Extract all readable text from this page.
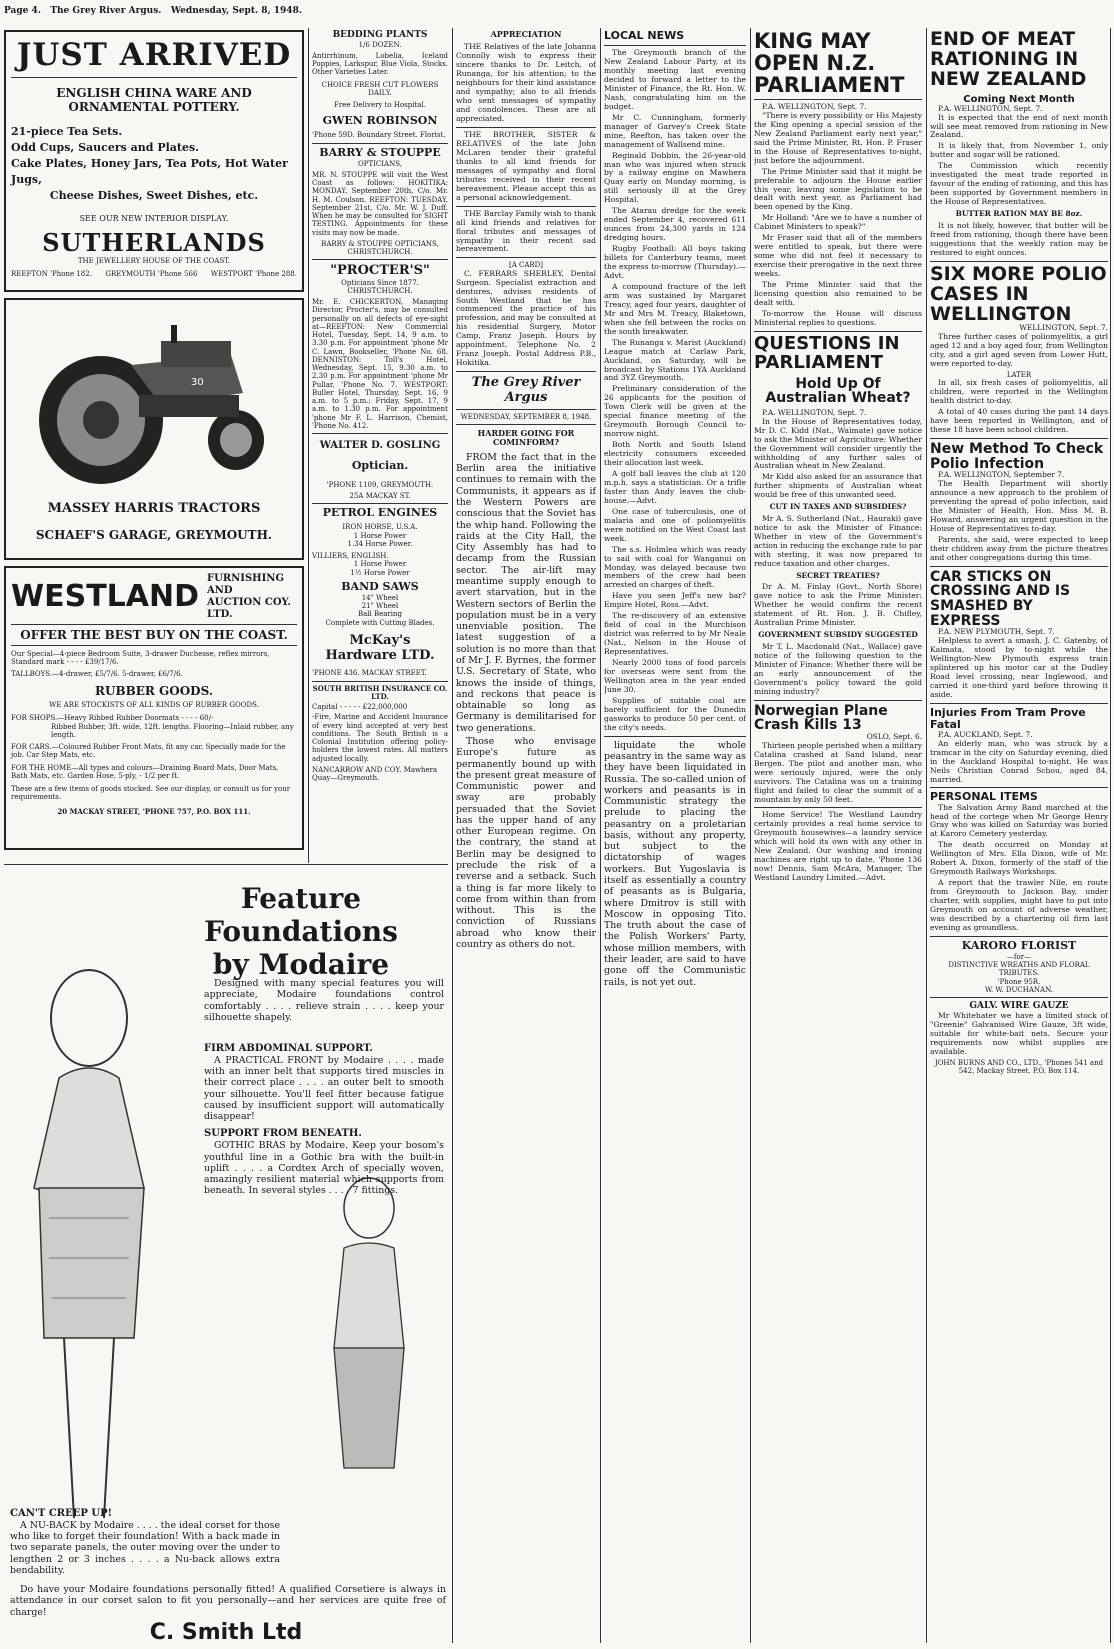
Page 4. The Grey River Argus. Wednesday, Sept. 8, 1948.
JUST ARRIVED
ENGLISH CHINA WARE AND
ORNAMENTAL POTTERY.
21-piece Tea Sets.
Odd Cups, Saucers and Plates.
Cake Plates, Honey Jars, Tea Pots, Hot Water Jugs,
Cheese Dishes, Sweet Dishes, etc.
SEE OUR NEW INTERIOR DISPLAY.
SUTHERLANDS
THE JEWELLERY HOUSE OF THE COAST.
REEFTON 'Phone 182. GREYMOUTH 'Phone 566 WESTPORT 'Phone 288.
30
MASSEY HARRIS TRACTORS
SCHAEF'S GARAGE, GREYMOUTH.
WESTLAND
FURNISHING AND
AUCTION COY. LTD.
OFFER THE BEST BUY ON THE COAST.
Our Special—4-piece Bedroom Suite, 3-drawer Duchesse, reflex mirrors, Standard mark - - - - £39/17/6.
TALLBOYS.—4-drawer, £5/7/6. 5-drawer, £6/7/6.
RUBBER GOODS.
WE ARE STOCKISTS OF ALL KINDS OF RUBBER GOODS.
FOR SHOPS.—Heavy Ribbed Rubber Doormats - - - - 60/-
Ribbed Rubber, 3ft. wide, 12ft. lengths. Flooring—Inlaid rubber, any length.
FOR CARS.—Coloured Rubber Front Mats, fit any car. Specially made for the job. Car Step Mats, etc.
FOR THE HOME—All types and colours—Draining Board Mats, Door Mats, Bath Mats, etc. Garden Hose, 5-ply, - 1/2 per ft.
These are a few items of goods stocked. See our display, or consult us for your requirements.
20 MACKAY STREET, 'PHONE 757, P.O. BOX 111.
BEDDING PLANTS
1/6 DOZEN.
Antirrhinum, Lobelia, Iceland Poppies, Larkspur, Blue Viola, Stocks. Other Varieties Later.
CHOICE FRESH CUT FLOWERS DAILY.
Free Delivery to Hospital.
GWEN ROBINSON
'Phone 59D. Boundary Street. Florist.
BARRY & STOUPPE
OPTICIANS,
MR. N. STOUPPE will visit the West Coast as follows: HOKITIKA: MONDAY, September 20th, C/o. Mr. H. M. Coulson. REEFTON: TUESDAY, September 21st, C/o. Mr. W. J. Duff. When he may be consulted for SIGHT TESTING. Appointments for these visits may now be made.
BARRY & STOUPPE OPTICIANS, CHRISTCHURCH.
"PROCTER'S"
Opticians Since 1877. CHRISTCHURCH.
Mr. E. CHICKERTON, Managing Director, Procter's, may be consulted personally on all defects of eye-sight at—REEFTON: New Commercial Hotel, Tuesday, Sept. 14, 9 a.m. to 3.30 p.m. For appointment 'phone Mr C. Lawn, Bookseller, 'Phone No. 68. DENNISTON: Toll's Hotel, Wednesday, Sept. 15, 9.30 a.m. to 2.30 p.m. For appointment 'phone Mr Pullar, 'Phone No. 7. WESTPORT: Buller Hotel, Thursday, Sept. 16, 9 a.m. to 5 p.m.; Friday, Sept. 17, 9 a.m. to 1.30 p.m. For appointment 'phone Mr F. L. Harrison, Chemist, 'Phone No. 412.
WALTER D. GOSLING
Optician.
'PHONE 1109, GREYMOUTH.
25A MACKAY ST.
PETROL ENGINES
IRON HORSE, U.S.A.
1 Horse Power
1.34 Horse Power.
VILLIERS, ENGLISH.
1 Horse Power
1½ Horse Power
BAND SAWS
14" Wheel
21" Wheel
Ball Bearing
Complete with Cutting Blades.
McKay's Hardware LTD.
'PHONE 436. MACKAY STREET.
SOUTH BRITISH INSURANCE CO. LTD.
Capital - - - - - £22,000,000
-Fire, Marine and Accident Insurance of every kind accepted at very best conditions. The South British is a Colonial Institution offering policy-holders the lowest rates. All matters adjusted locally.
NANCARROW AND COY. Mawhera Quay—Greymouth.
Feature Foundations
by Modaire
Designed with many special features you will appreciate, Modaire foundations control comfortably . . . . relieve strain . . . . keep your silhouette shapely.
FIRM ABDOMINAL SUPPORT.
A PRACTICAL FRONT by Modaire . . . . made with an inner belt that supports tired muscles in their correct place . . . . an outer belt to smooth your silhouette. You'll feel fitter because fatigue caused by insufficient support will automatically disappear!
SUPPORT FROM BENEATH.
GOTHIC BRAS by Modaire. Keep your bosom's youthful line in a Gothic bra with the built-in uplift . . . . a Cordtex Arch of specially woven, amazingly resilient material which supports from beneath. In several styles . . . . 7 fittings.
CAN'T CREEP UP!
A NU-BACK by Modaire . . . . the ideal corset for those who like to forget their foundation! With a back made in two separate panels, the outer moving over the under to lengthen 2 or 3 inches . . . . a Nu-back allows extra bendability.
Do have your Modaire foundations personally fitted! A qualified Corsetiere is always in attendance in our corset salon to fit you personally—and her services are quite free of charge!
C. Smith Ltd
APPRECIATION
THE Relatives of the late Johanna Connolly wish to express their sincere thanks to Dr. Leitch, of Runanga, for his attention; to the neighbours for their kind assistance and sympathy; also to all friends who sent messages of sympathy and condolences. These are all appreciated.
THE BROTHER, SISTER & RELATIVES of the late John McLaren tender their grateful thanks to all kind friends for messages of sympathy and floral tributes received in their recent bereavement. Please accept this as a personal acknowledgement.
THE Barclay Family wish to thank all kind friends and relatives for floral tributes and messages of sympathy in their recent sad bereavement.
[A CARD]
C. FERRARS SHERLEY, Dental Surgeon. Specialist extraction and dentures, advises residents of South Westland that he has commenced the practice of his profession, and may be consulted at his residential Surgery, Motor Camp, Franz Joseph. Hours by appointment. Telephone No. 2 Franz Joseph. Postal Address P.B., Hokitika.
The Grey River Argus
WEDNESDAY, SEPTEMBER 8, 1948.
HARDER GOING FOR COMINFORM?
FROM the fact that in the Berlin area the initiative continues to remain with the Communists, it appears as if the Western Powers are conscious that the Soviet has the whip hand. Following the raids at the City Hall, the City Assembly has had to decamp from the Russian sector. The air-lift may meantime supply enough to avert starvation, but in the Western sectors of Berlin the population must be in a very unenviable position. The latest suggestion of a solution is no more than that of Mr J. F. Byrnes, the former U.S. Secretary of State, who knows the inside of things, and reckons that peace is obtainable so long as Germany is demilitarised for two generations.
Those who envisage Europe's future as permanently bound up with the present great measure of Communistic power and sway are probably persuaded that the Soviet has the upper hand of any other European regime. On the contrary, the stand at Berlin may be designed to preclude the risk of a reverse and a setback. Such a thing is far more likely to come from within than from without. This is the conviction of Russians abroad who know their country as others do not.
LOCAL NEWS
The Greymouth branch of the New Zealand Labour Party, at its monthly meeting last evening decided to forward a letter to the Minister of Finance, the Rt. Hon. W. Nash, congratulating him on the budget.
Mr C. Cunningham, formerly manager of Garvey's Creek State mine, Reefton, has taken over the management of Wallsend mine.
Reginald Dobbin, the 26-year-old man who was injured when struck by a railway engine on Mawhera Quay early on Monday morning, is still seriously ill at the Grey Hospital.
The Atarau dredge for the week ended September 4, recovered 611 ounces from 24,300 yards in 124 dredging hours.
Rugby Football: All boys taking billets for Canterbury teams, meet the express to-morrow (Thursday).—Advt.
A compound fracture of the left arm was sustained by Margaret Treacy, aged four years, daughter of Mr and Mrs M. Treacy, Blaketown, when she fell between the rocks on the south breakwater.
The Runanga v. Marist (Auckland) League match at Carlaw Park, Auckland, on Saturday, will be broadcast by Stations 1YA Auckland and 3YZ Greymouth.
Preliminary consideration of the 26 applicants for the position of Town Clerk will be given at the special finance meeting of the Greymouth Borough Council to-morrow night.
Both North and South Island electricity consumers exceeded their allocation last week.
A golf ball leaves the club at 120 m.p.h. says a statistician. Or a trifle faster than Andy leaves the club-house.—Advt.
One case of tuberculosis, one of malaria and one of poliomyelitis were notified on the West Coast last week.
The s.s. Holmlea which was ready to sail with coal for Wanganui on Monday, was delayed because two members of the crew had been arrested on charges of theft.
Have you seen Jeff's new bar? Empire Hotel, Ross.—Advt.
The re-discovery of an extensive field of coal in the Murchison district was referred to by Mr Neale (Nat., Nelson in the House of Representatives.
Nearly 2000 tons of food parcels for overseas were sent from the Wellington area in the year ended June 30.
Supplies of suitable coal are barely sufficient for the Dunedin gasworks to produce 50 per cent. of the city's needs.
liquidate the whole peasantry in the same way as they have been liquidated in Russia. The so-called union of workers and peasants is in Communistic strategy the prelude to placing the peasantry on a proletarian basis, without any property, but subject to the dictatorship of wages workers. But Yugoslavia is itself as essentially a country of peasants as is Bulgaria, where Dmitrov is still with Moscow in opposing Tito. The truth about the case of the Polish Workers' Party, whose million members, with their leader, are said to have gone off the Communistic rails, is not yet out.
KING MAY OPEN N.Z. PARLIAMENT
P.A. WELLINGTON, Sept. 7.
"There is every possibility or His Majesty the King opening a special session of the New Zealand Parliament early next year," said the Prime Minister, Rt. Hon. P. Fraser in the House of Representatives to-night, just before the adjournment.
The Prime Minister said that it might be preferable to adjourn the House earlier this year, leaving some legislation to be dealt with next year, as Parliament had been opened by the King.
Mr Holland: "Are we to have a number of Cabinet Ministers to speak?"
Mr Fraser said that all of the members were entitled to speak, but there were some who did not feel it necessary to exercise their prerogative in the next three weeks.
The Prime Minister said that the licensing question also remained to be dealt with.
To-morrow the House will discuss Ministerial replies to questions.
QUESTIONS IN PARLIAMENT
Hold Up Of Australian Wheat?
P.A. WELLINGTON, Sept. 7.
In the House of Representatives today, Mr D. C. Kidd (Nat., Waimate) gave notice to ask the Minister of Agriculture: Whether the Government will consider urgently the withholding of any further sales of Australian wheat in New Zealand.
Mr Kidd also asked for an assurance that further shipments of Australian wheat would be free of this unwanted seed.
CUT IN TAXES AND SUBSIDIES?
Mr A. S. Sutherland (Nat., Hauraki) gave notice to ask the Minister of Finance: Whether in view of the Government's action in reducing the exchange rate to par with sterling, it was now prepared to reduce taxation and other charges.
SECRET TREATIES?
Dr A. M. Finlay (Govt., North Shore) gave notice to ask the Prime Minister: Whether he would confirm the recent statement of Rt. Hon. J. B. Chifley, Australian Prime Minister.
GOVERNMENT SUBSIDY SUGGESTED
Mr T. L. Macdonald (Nat., Wallace) gave notice of the following question to the Minister of Finance: Whether there will be an early announcement of the Government's policy toward the gold mining industry?
Norwegian Plane Crash Kills 13
OSLO, Sept. 6.
Thirteen people perished when a military Catalina crashed at Sand Island, near Bergen. The pilot and another man, who were seriously injured, were the only survivors. The Catalina was on a training flight and failed to clear the summit of a mountain by only 50 feet.
Home Service! The Westland Laundry certainly provides a real home service to Greymouth housewives—a laundry service which will hold its own with any other in New Zealand. Our washing and ironing machines are right up to date. 'Phone 136 now! Dennis, Sam McAra, Manager, The Westland Laundry Limited.—Advt.
END OF MEAT RATIONING IN NEW ZEALAND
Coming Next Month
P.A. WELLINGTON, Sept. 7.
It is expected that the end of next month will see meat removed from rationing in New Zealand.
It is likely that, from November 1, only butter and sugar will be rationed.
The Commission which recently investigated the meat trade reported in favour of the ending of rationing, and this has been supported by Government members in the House of Representatives.
BUTTER RATION MAY BE 8oz.
It is not likely, however, that butter will be freed from rationing, though there have been suggestions that the weekly ration may be restored to eight ounces.
SIX MORE POLIO CASES IN WELLINGTON
WELLINGTON, Sept. 7.
Three further cases of poliomyelitis, a girl aged 12 and a boy aged four, from Wellington city, and a girl aged seven from Lower Hutt, were reported to-day.
LATER
In all, six fresh cases of poliomyelitis, all children, were reported in the Wellington health district to-day.
A total of 40 cases during the past 14 days have been reported in Wellington, and of these 18 have been school children.
New Method To Check Polio Infection
P.A. WELLINGTON, September 7.
The Health Department will shortly announce a new approach to the problem of preventing the spread of polio infection, said the Minister of Health, Hon. Miss M. B. Howard, answering an urgent question in the House of Representatives to-day.
Parents, she said, were expected to keep their children away from the picture theatres and other congregations during this time.
CAR STICKS ON CROSSING AND IS SMASHED BY EXPRESS
P.A. NEW PLYMOUTH, Sept. 7.
Helpless to avert a smash, J. C. Gatenby, of Kaimata, stood by to-night while the Wellington-New Plymouth express train splintered up his motor car at the Dudley Road level crossing, near Inglewood, and carried it one-third yard before throwing it aside.
Injuries From Tram Prove Fatal
P.A. AUCKLAND, Sept. 7.
An elderly man, who was struck by a tramcar in the city on Saturday evening, died in the Auckland Hospital to-night. He was Neils Christian Conrad Schou, aged 84, married.
PERSONAL ITEMS
The Salvation Army Band marched at the head of the cortege when Mr George Henry Gray who was killed on Saturday was buried at Karoro Cemetery yesterday.
The death occurred on Monday at Wellington of Mrs. Ella Dixon, wife of Mr. Robert A. Dixon, formerly of the staff of the Greymouth Railways Workshops.
A report that the trawler Nile, en route from Greymouth to Jackson Bay, under charter, with supplies, might have to put into Greymouth on account of adverse weather, was described by a chartering oil firm last evening as groundless.
KARORO FLORIST
—for—
DISTINCTIVE WREATHS AND FLORAL TRIBUTES.
'Phone 95R.
W. W. DUCHANAN.
GALV. WIRE GAUZE
Mr Whitehater we have a limited stock of "Greenie" Galvanised Wire Gauze, 3ft wide, suitable for white-bait nets. Secure your requirements now whilst supplies are available.
JOHN BURNS AND CO., LTD., 'Phones 541 and 542, Mackay Street. P.O. Box 114.
